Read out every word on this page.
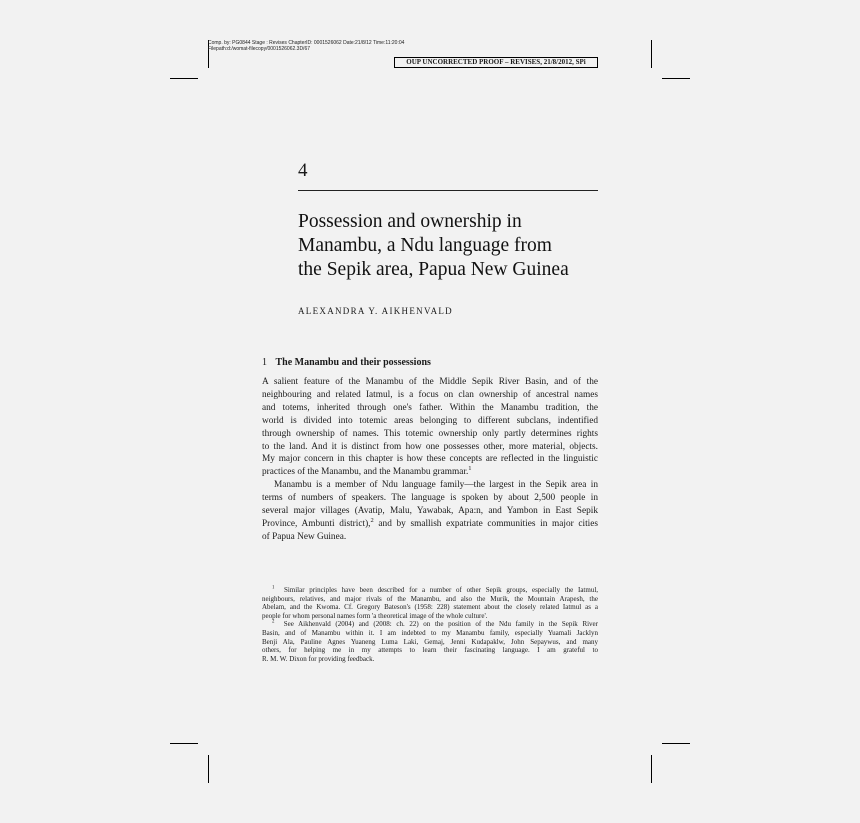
Comp. by: PG0844 Stage : Revises ChapterID: 0001526062 Date:21/8/12 Time:11:20:04
Filepath:d:/womat-filecopy/0001526062.3D/67
OUP UNCORRECTED PROOF – REVISES, 21/8/2012, SPi
4
Possession and ownership in
Manambu, a Ndu language from
the Sepik area, Papua New Guinea
ALEXANDRA Y. AIKHENVALD
1 The Manambu and their possessions

A salient feature of the Manambu of the Middle Sepik River Basin, and of the
neighbouring and related Iatmul, is a focus on clan ownership of ancestral names
and totems, inherited through one's father. Within the Manambu tradition, the
world is divided into totemic areas belonging to different subclans, indentified
through ownership of names. This totemic ownership only partly determines rights
to the land. And it is distinct from how one possesses other, more material, objects.
My major concern in this chapter is how these concepts are reflected in the linguistic
practices of the Manambu, and the Manambu grammar.$^1$

Manambu is a member of Ndu language family—the largest in the Sepik area in
terms of numbers of speakers. The language is spoken by about 2,500 people in
several major villages (Avatip, Malu, Yawabak, Apa:n, and Yambon in East Sepik
Province, Ambunti district),$^2$ and by smallish expatriate communities in major cities
of Papua New Guinea.

$^1$ Similar principles have been described for a number of other Sepik groups, especially the Iatmul,
neighbours, relatives, and major rivals of the Manambu, and also the Murik, the Mountain Arapesh, the
Abelam, and the Kwoma. Cf. Gregory Bateson's (1958: 228) statement about the closely related Iatmul as a
people for whom personal names form 'a theoretical image of the whole culture'.
$^2$ See Aikhenvald (2004) and (2008: ch. 22) on the position of the Ndu family in the Sepik River
Basin, and of Manambu within it. I am indebted to my Manambu family, especially Yuamali Jacklyn
Benji Ala, Pauline Agnes Yuaneng Luma Laki, Gemaj, Jenni Kudapaklw, John Sepaywus, and many
others, for helping me in my attempts to learn their fascinating language. I am grateful to
R. M. W. Dixon for providing feedback.
